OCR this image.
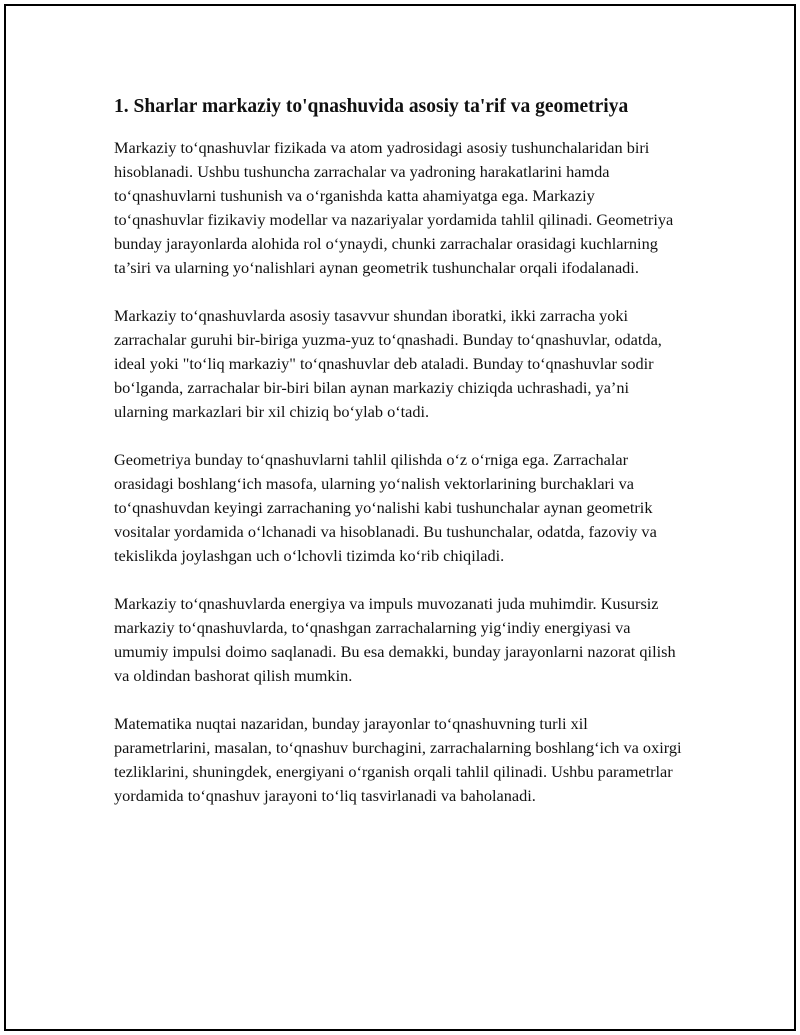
1. Sharlar markaziy to'qnashuvida asosiy ta'rif va geometriya

Markaziy to‘qnashuvlar fizikada va atom yadrosidagi asosiy tushunchalaridan biri hisoblanadi. Ushbu tushuncha zarrachalar va yadroning harakatlarini hamda to‘qnashuvlarni tushunish va o‘rganishda katta ahamiyatga ega. Markaziy to‘qnashuvlar fizikaviy modellar va nazariyalar yordamida tahlil qilinadi. Geometriya bunday jarayonlarda alohida rol o‘ynaydi, chunki zarrachalar orasidagi kuchlarning ta’siri va ularning yo‘nalishlari aynan geometrik tushunchalar orqali ifodalanadi.

Markaziy to‘qnashuvlarda asosiy tasavvur shundan iboratki, ikki zarracha yoki zarrachalar guruhi bir-biriga yuzma-yuz to‘qnashadi. Bunday to‘qnashuvlar, odatda, ideal yoki "to‘liq markaziy" to‘qnashuvlar deb ataladi. Bunday to‘qnashuvlar sodir bo‘lganda, zarrachalar bir-biri bilan aynan markaziy chiziqda uchrashadi, ya’ni ularning markazlari bir xil chiziq bo‘ylab o‘tadi.

Geometriya bunday to‘qnashuvlarni tahlil qilishda o‘z o‘rniga ega. Zarrachalar orasidagi boshlang‘ich masofa, ularning yo‘nalish vektorlarining burchaklari va to‘qnashuvdan keyingi zarrachaning yo‘nalishi kabi tushunchalar aynan geometrik vositalar yordamida o‘lchanadi va hisoblanadi. Bu tushunchalar, odatda, fazoviy va tekislikda joylashgan uch o‘lchovli tizimda ko‘rib chiqiladi.

Markaziy to‘qnashuvlarda energiya va impuls muvozanati juda muhimdir. Kusursiz markaziy to‘qnashuvlarda, to‘qnashgan zarrachalarning yig‘indiy energiyasi va umumiy impulsi doimo saqlanadi. Bu esa demakki, bunday jarayonlarni nazorat qilish va oldindan bashorat qilish mumkin.

Matematika nuqtai nazaridan, bunday jarayonlar to‘qnashuvning turli xil parametrlarini, masalan, to‘qnashuv burchagini, zarrachalarning boshlang‘ich va oxirgi tezliklarini, shuningdek, energiyani o‘rganish orqali tahlil qilinadi. Ushbu parametrlar yordamida to‘qnashuv jarayoni to‘liq tasvirlanadi va baholanadi.
